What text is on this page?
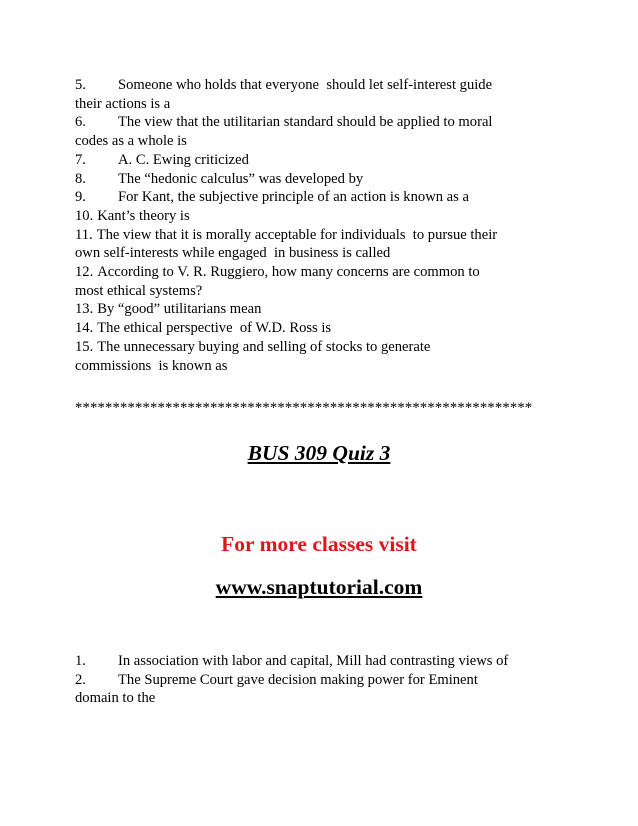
5. Someone who holds that everyone  should let self-interest guide
their actions is a
6. The view that the utilitarian standard should be applied to moral
codes as a whole is
7. A. C. Ewing criticized
8. The “hedonic calculus” was developed by
9. For Kant, the subjective principle of an action is known as a
10. Kant’s theory is
11. The view that it is morally acceptable for individuals  to pursue their
own self-interests while engaged  in business is called
12. According to V. R. Ruggiero, how many concerns are common to
most ethical systems?
13. By “good” utilitarians mean
14. The ethical perspective  of W.D. Ross is
15. The unnecessary buying and selling of stocks to generate
commissions  is known as
*************************************************************
BUS 309 Quiz 3
For more classes visit
www.snaptutorial.com
1. In association with labor and capital, Mill had contrasting views of
2. The Supreme Court gave decision making power for Eminent
domain to the
